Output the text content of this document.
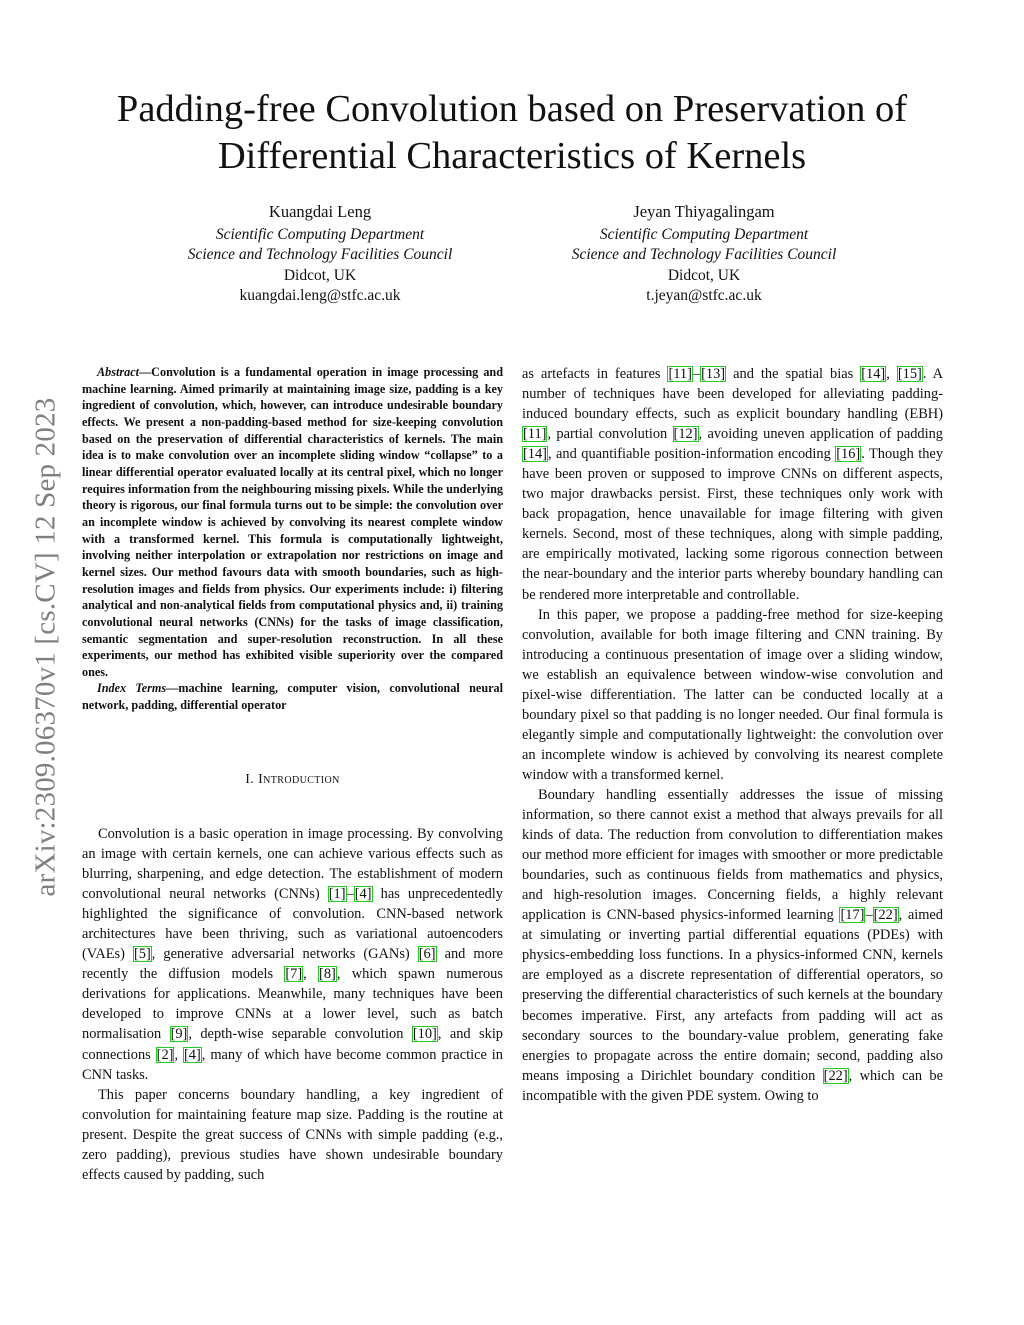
Padding-free Convolution based on Preservation of
Differential Characteristics of Kernels
Kuangdai Leng
Scientific Computing Department
Science and Technology Facilities Council
Didcot, UK
kuangdai.leng@stfc.ac.uk
Jeyan Thiyagalingam
Scientific Computing Department
Science and Technology Facilities Council
Didcot, UK
t.jeyan@stfc.ac.uk
arXiv:2309.06370v1 [cs.CV] 12 Sep 2023

Abstract—Convolution is a fundamental operation in image processing and machine learning. Aimed primarily at maintaining image size, padding is a key ingredient of convolution, which, however, can introduce undesirable boundary effects. We present a non-padding-based method for size-keeping convolution based on the preservation of differential characteristics of kernels. The main idea is to make convolution over an incomplete sliding window “collapse” to a linear differential operator evaluated locally at its central pixel, which no longer requires information from the neighbouring missing pixels. While the underlying theory is rigorous, our final formula turns out to be simple: the convolution over an incomplete window is achieved by convolving its nearest complete window with a transformed kernel. This formula is computationally lightweight, involving neither interpolation or extrapolation nor restrictions on image and kernel sizes. Our method favours data with smooth boundaries, such as high-resolution images and fields from physics. Our experiments include: i) filtering analytical and non-analytical fields from computational physics and, ii) training convolutional neural networks (CNNs) for the tasks of image classification, semantic segmentation and super-resolution reconstruction. In all these experiments, our method has exhibited visible superiority over the compared ones.

Index Terms—machine learning, computer vision, convolutional neural network, padding, differential operator

I. Introduction

Convolution is a basic operation in image processing. By convolving an image with certain kernels, one can achieve various effects such as blurring, sharpening, and edge detection. The establishment of modern convolutional neural networks (CNNs) [1]–[4] has unprecedentedly highlighted the significance of convolution. CNN-based network architectures have been thriving, such as variational autoencoders (VAEs) [5], generative adversarial networks (GANs) [6] and more recently the diffusion models [7], [8], which spawn numerous derivations for applications. Meanwhile, many techniques have been developed to improve CNNs at a lower level, such as batch normalisation [9], depth-wise separable convolution [10], and skip connections [2], [4], many of which have become common practice in CNN tasks.

This paper concerns boundary handling, a key ingredient of convolution for maintaining feature map size. Padding is the routine at present. Despite the great success of CNNs with simple padding (e.g., zero padding), previous studies have shown undesirable boundary effects caused by padding, such

as artefacts in features [11]–[13] and the spatial bias [14], [15]. A number of techniques have been developed for alleviating padding-induced boundary effects, such as explicit boundary handling (EBH) [11], partial convolution [12], avoiding uneven application of padding [14], and quantifiable position-information encoding [16]. Though they have been proven or supposed to improve CNNs on different aspects, two major drawbacks persist. First, these techniques only work with back propagation, hence unavailable for image filtering with given kernels. Second, most of these techniques, along with simple padding, are empirically motivated, lacking some rigorous connection between the near-boundary and the interior parts whereby boundary handling can be rendered more interpretable and controllable.

In this paper, we propose a padding-free method for size-keeping convolution, available for both image filtering and CNN training. By introducing a continuous presentation of image over a sliding window, we establish an equivalence between window-wise convolution and pixel-wise differentiation. The latter can be conducted locally at a boundary pixel so that padding is no longer needed. Our final formula is elegantly simple and computationally lightweight: the convolution over an incomplete window is achieved by convolving its nearest complete window with a transformed kernel.

Boundary handling essentially addresses the issue of missing information, so there cannot exist a method that always prevails for all kinds of data. The reduction from convolution to differentiation makes our method more efficient for images with smoother or more predictable boundaries, such as continuous fields from mathematics and physics, and high-resolution images. Concerning fields, a highly relevant application is CNN-based physics-informed learning [17]–[22], aimed at simulating or inverting partial differential equations (PDEs) with physics-embedding loss functions. In a physics-informed CNN, kernels are employed as a discrete representation of differential operators, so preserving the differential characteristics of such kernels at the boundary becomes imperative. First, any artefacts from padding will act as secondary sources to the boundary-value problem, generating fake energies to propagate across the entire domain; second, padding also means imposing a Dirichlet boundary condition [22], which can be incompatible with the given PDE system. Owing to
